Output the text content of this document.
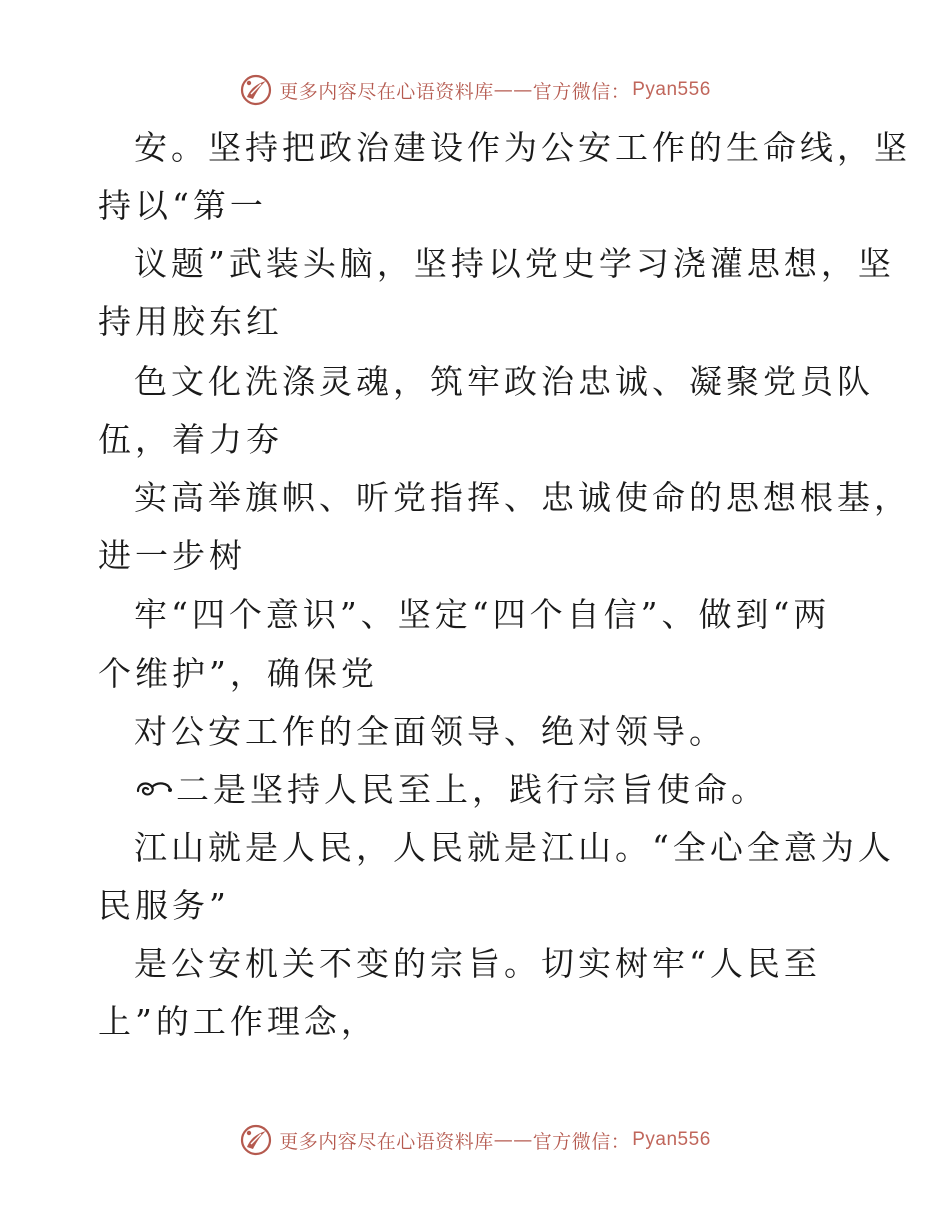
更多内容尽在心语资料库 —— 官方微信： Pyan556
安。坚持把政治建设作为公安工作的生命线，坚
持以“第一
议题”武装头脑，坚持以党史学习浇灌思想，坚
持用胶东红
色文化洗涤灵魂，筑牢政治忠诚、凝聚党员队
伍，着力夯
实高举旗帜、听党指挥、忠诚使命的思想根基，
进一步树
牢“四个意识”、坚定“四个自信”、做到“两
个维护”，确保党
对公安工作的全面领导、绝对领导。
二是坚持人民至上，践行宗旨使命。
江山就是人民，人民就是江山。“全心全意为人
民服务”
是公安机关不变的宗旨。切实树牢“人民至
上”的工作理念，
更多内容尽在心语资料库 —— 官方微信： Pyan556
